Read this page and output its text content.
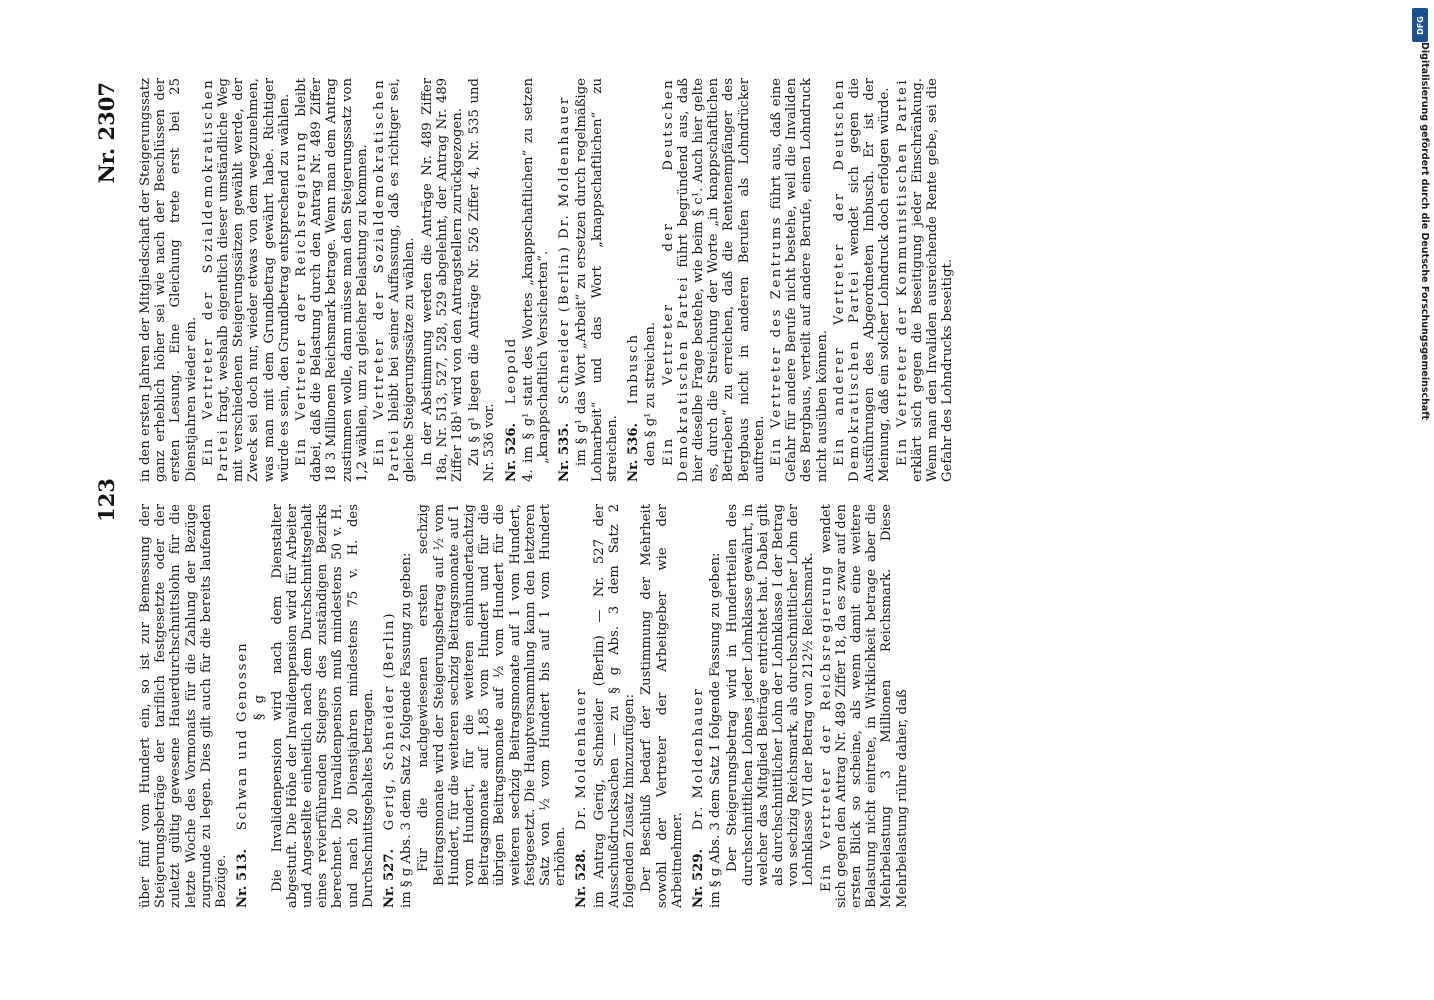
123
Nr. 2307

über fünf vom Hundert ein, so ist zur Bemessung der Steigerungsbeträge der tariflich festgesetzte oder der zuletzt gültig gewesene Hauerdurchschnittslohn für die letzte Woche des Vormonats für die Zahlung der Bezüge zugrunde zu legen. Dies gilt auch für die bereits laufenden Bezüge. Nr. 513. Schwan und Genossen § g Die Invalidenpension wird nach dem Dienstalter abgestuft. Die Höhe der Invalidenpension wird für Arbeiter und Angestellte einheitlich nach dem Durchschnittsgehalt eines revierführenden Steigers des zuständigen Bezirks berechnet. Die Invalidenpension muß mindestens 50 v. H. und nach 20 Dienstjahren mindestens 75 v. H. des Durchschnittsgehaltes betragen. Nr. 527. Gerig, Schneider (Berlin) im § g Abs. 3 dem Satz 2 folgende Fassung zu geben: Für die nachgewiesenen ersten sechzig Beitragsmonate wird der Steigerungsbetrag auf ½ vom Hundert, für die weiteren sechzig Beitragsmonate auf 1 vom Hundert, für die weiteren einhundertachtzig Beitragsmonate auf 1,85 vom Hundert und für die übrigen Beitragsmonate auf ½ vom Hundert für die weiteren sechzig Beitragsmonate auf 1 vom Hundert, festgesetzt. Die Hauptversammlung kann den letzteren Satz von ½ vom Hundert bis auf 1 vom Hundert erhöhen. Nr. 528. Dr. Moldenhauer im Antrag Gerig, Schneider (Berlin) — Nr. 527 der Ausschußdrucksachen — zu § g Abs. 3 dem Satz 2 folgenden Zusatz hinzuzufügen: Der Beschluß bedarf der Zustimmung der Mehrheit sowohl der Vertreter der Arbeitgeber wie der Arbeitnehmer. Nr. 529. Dr. Moldenhauer im § g Abs. 3 dem Satz 1 folgende Fassung zu geben: Der Steigerungsbetrag wird in Hundertteilen des durchschnittlichen Lohnes jeder Lohnklasse gewährt, in welcher das Mitglied Beiträge entrichtet hat. Dabei gilt als durchschnittlicher Lohn der Lohnklasse I der Betrag von sechzig Reichsmark, als durchschnittlicher Lohn der Lohnklasse VII der Betrag von 212½ Reichsmark. Ein Vertreter der Reichsregierung wendet sich gegen den Antrag Nr. 489 Ziffer 18, da es zwar auf den ersten Blick so scheine, als wenn damit eine weitere Belastung nicht eintrete, in Wirklichkeit betrage aber die Mehrbelastung 3 Millionen Reichsmark. Diese Mehrbelastung rühre daher, daß

in den ersten Jahren der Mitgliedschaft der Steigerungssatz ganz erheblich höher sei wie nach der Beschlüssen der ersten Lesung. Eine Gleichung trete erst bei 25 Dienstjahren wieder ein. Ein Vertreter der Sozialdemokratischen Partei fragt, weshalb eigentlich dieser umständliche Weg mit verschiedenen Steigerungssätzen gewählt werde, der Zweck sei doch nur, wieder etwas von dem wegzunehmen, was man mit dem Grundbetrag gewährt habe. Richtiger würde es sein, den Grundbetrag entsprechend zu wählen. Ein Vertreter der Reichsregierung bleibt dabei, daß die Belastung durch den Antrag Nr. 489 Ziffer 18 3 Millionen Reichsmark betrage. Wenn man dem Antrag zustimmen wolle, dann müsse man den Steigerungssatz von 1,2 wählen, um zu gleicher Belastung zu kommen. Ein Vertreter der Sozialdemokratischen Partei bleibt bei seiner Auffassung, daß es richtiger sei, gleiche Steigerungssätze zu wählen. In der Abstimmung werden die Anträge Nr. 489 Ziffer 18a, Nr. 513, 527, 528, 529 abgelehnt, der Antrag Nr. 489 Ziffer 18b¹ wird von den Antragstellern zurückgezogen. Zu § g¹ liegen die Anträge Nr. 526 Ziffer 4, Nr. 535 und Nr. 536 vor. Nr. 526. Leopold 4. im § g¹ statt des Wortes „knappschaftlichen“ zu setzen „knappschaftlich Versicherten“. Nr. 535. Schneider (Berlin) Dr. Moldenhauer im § g¹ das Wort „Arbeit“ zu ersetzen durch regelmäßige Lohnarbeit“ und das Wort „knappschaftlichen“ zu streichen. Nr. 536. Imbusch den § g¹ zu streichen. Ein Vertreter der Deutschen Demokratischen Partei führt begründend aus, daß hier dieselbe Frage bestehe, wie beim § c¹. Auch hier gelte es, durch die Streichung der Worte „in knappschaftlichen Betrieben“ zu erreichen, daß die Rentenempfänger des Bergbaus nicht in anderen Berufen als Lohndrücker auftreten. Ein Vertreter des Zentrums führt aus, daß eine Gefahr für andere Berufe nicht bestehe, weil die Invaliden des Bergbaus, verteilt auf andere Berufe, einen Lohndruck nicht ausüben können. Ein anderer Vertreter der Deutschen Demokratischen Partei wendet sich gegen die Ausführungen des Abgeordneten Imbusch. Er ist der Meinung, daß ein solcher Lohndruck doch erfolgen würde. Ein Vertreter der Kommunistischen Partei erklärt sich gegen die Beseitigung jeder Einschränkung. Wenn man den Invaliden ausreichende Rente gebe, sei die Gefahr des Lohndrucks beseitigt.

DFG
Digitalisierung gefördert durch die Deutsche Forschungsgemeinschaft
